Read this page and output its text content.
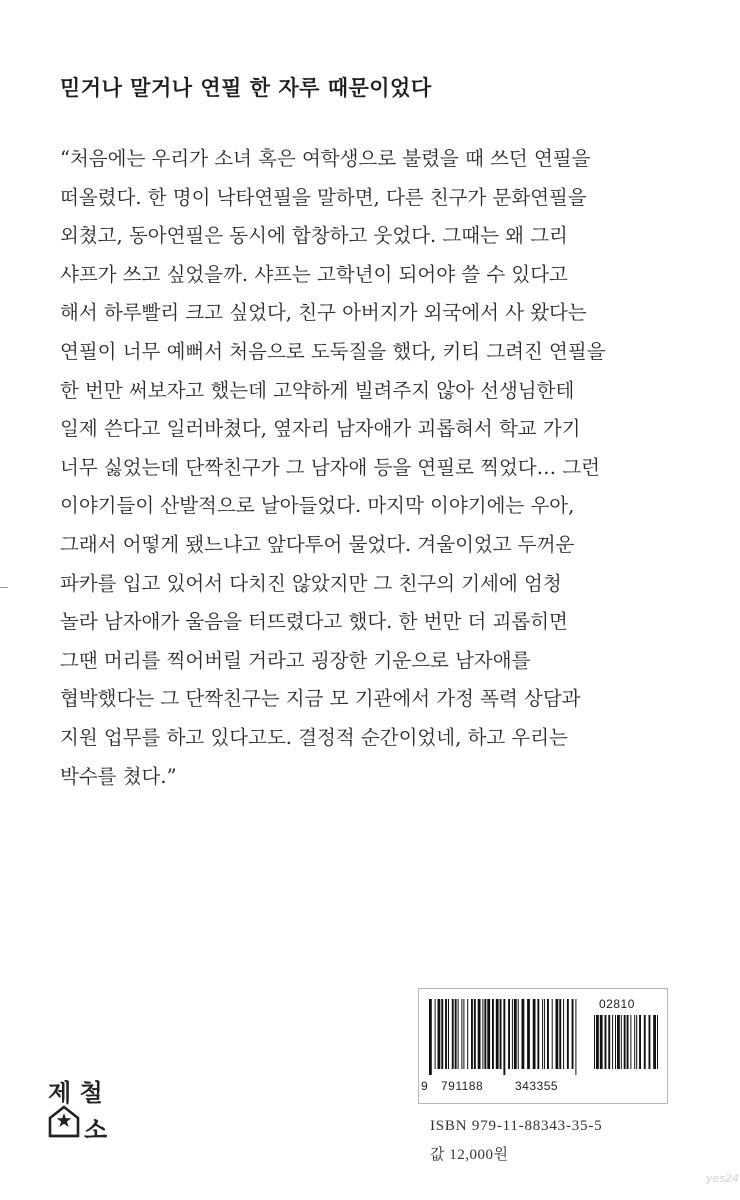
믿거나 말거나 연필 한 자루 때문이었다
“처음에는 우리가 소녀 혹은 여학생으로 불렸을 때 쓰던 연필을
떠올렸다. 한 명이 낙타연필을 말하면, 다른 친구가 문화연필을
외쳤고, 동아연필은 동시에 합창하고 웃었다. 그때는 왜 그리
샤프가 쓰고 싶었을까. 샤프는 고학년이 되어야 쓸 수 있다고
해서 하루빨리 크고 싶었다, 친구 아버지가 외국에서 사 왔다는
연필이 너무 예뻐서 처음으로 도둑질을 했다, 키티 그려진 연필을
한 번만 써보자고 했는데 고약하게 빌려주지 않아 선생님한테
일제 쓴다고 일러바쳤다, 옆자리 남자애가 괴롭혀서 학교 가기
너무 싫었는데 단짝친구가 그 남자애 등을 연필로 찍었다… 그런
이야기들이 산발적으로 날아들었다. 마지막 이야기에는 우아,
그래서 어떻게 됐느냐고 앞다투어 물었다. 겨울이었고 두꺼운
파카를 입고 있어서 다치진 않았지만 그 친구의 기세에 엄청
놀라 남자애가 울음을 터뜨렸다고 했다. 한 번만 더 괴롭히면
그땐 머리를 찍어버릴 거라고 굉장한 기운으로 남자애를
협박했다는 그 단짝친구는 지금 모 기관에서 가정 폭력 상담과
지원 업무를 하고 있다고도. 결정적 순간이었네, 하고 우리는
박수를 쳤다.”
02810
9 791188	343355
ISBN 979-11-88343-35-5
값 12,000원
제 철
소
yes24
